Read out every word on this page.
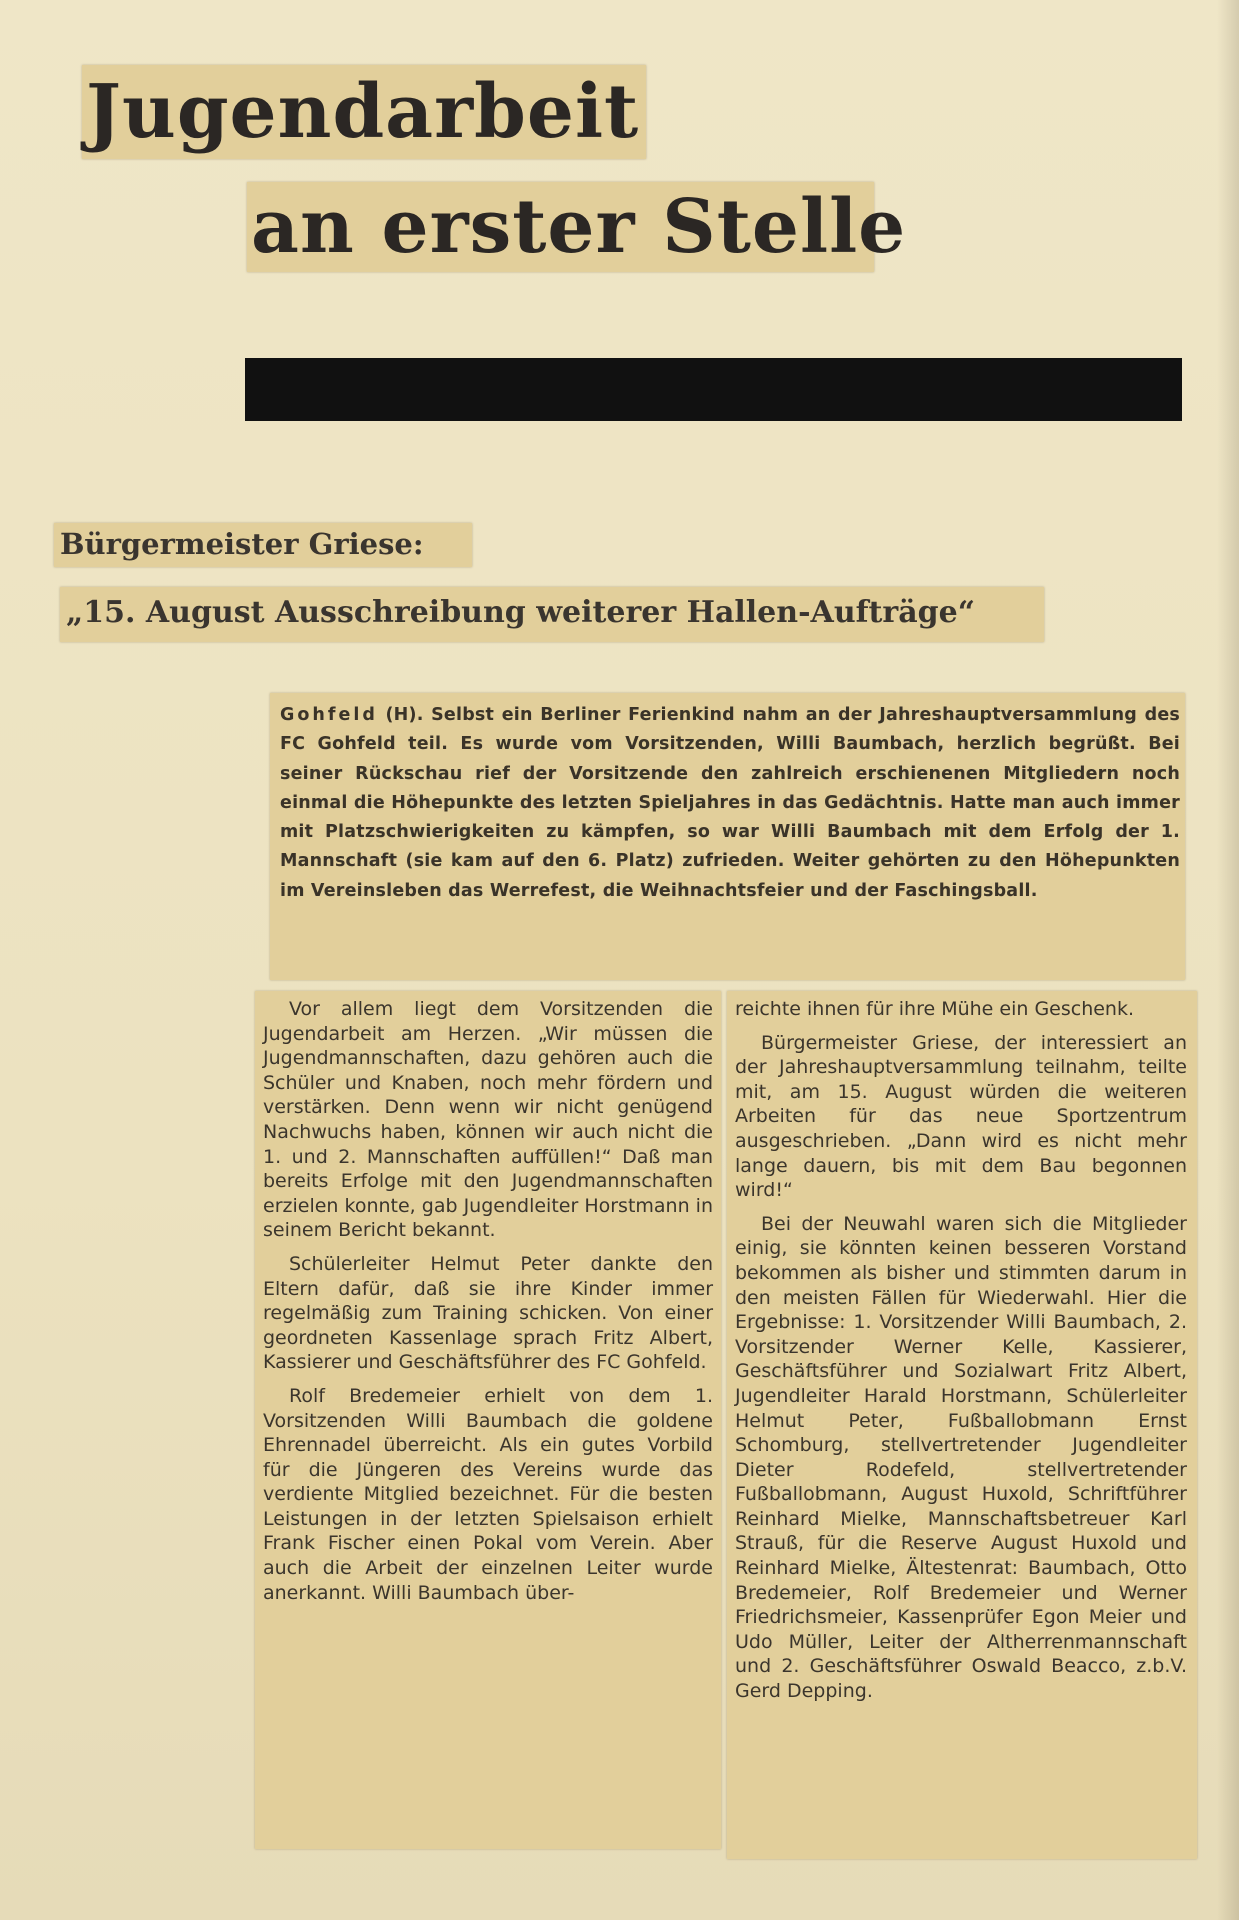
Jugendarbeit
an erster Stelle
Bürgermeister Griese:
„15. August Ausschreibung weiterer Hallen-Aufträge“
Gohfeld (H). Selbst ein Berliner Ferienkind nahm an der Jahreshauptversammlung des FC Gohfeld teil. Es wurde vom Vorsitzenden, Willi Baumbach, herzlich begrüßt. Bei seiner Rückschau rief der Vorsitzende den zahlreich erschienenen Mitgliedern noch einmal die Höhepunkte des letzten Spieljahres in das Gedächtnis. Hatte man auch immer mit Platzschwierigkeiten zu kämpfen, so war Willi Baumbach mit dem Erfolg der 1. Mannschaft (sie kam auf den 6. Platz) zufrieden. Weiter gehörten zu den Höhepunkten im Vereinsleben das Werrefest, die Weihnachtsfeier und der Faschingsball.

Vor allem liegt dem Vorsitzenden die Jugendarbeit am Herzen. „Wir müssen die Jugendmannschaften, dazu gehören auch die Schüler und Knaben, noch mehr fördern und verstärken. Denn wenn wir nicht genügend Nachwuchs haben, können wir auch nicht die 1. und 2. Mannschaften auffüllen!“ Daß man bereits Erfolge mit den Jugendmannschaften erzielen konnte, gab Jugendleiter Horstmann in seinem Bericht bekannt.

Schülerleiter Helmut Peter dankte den Eltern dafür, daß sie ihre Kinder immer regelmäßig zum Training schicken. Von einer geordneten Kassenlage sprach Fritz Albert, Kassierer und Geschäftsführer des FC Gohfeld.

Rolf Bredemeier erhielt von dem 1. Vorsitzenden Willi Baumbach die goldene Ehrennadel überreicht. Als ein gutes Vorbild für die Jüngeren des Vereins wurde das verdiente Mitglied bezeichnet. Für die besten Leistungen in der letzten Spielsaison erhielt Frank Fischer einen Pokal vom Verein. Aber auch die Arbeit der einzelnen Leiter wurde anerkannt. Willi Baumbach über-

reichte ihnen für ihre Mühe ein Geschenk.

Bürgermeister Griese, der interessiert an der Jahreshauptversammlung teilnahm, teilte mit, am 15. August würden die weiteren Arbeiten für das neue Sportzentrum ausgeschrieben. „Dann wird es nicht mehr lange dauern, bis mit dem Bau begonnen wird!“

Bei der Neuwahl waren sich die Mitglieder einig, sie könnten keinen besseren Vorstand bekommen als bisher und stimmten darum in den meisten Fällen für Wiederwahl. Hier die Ergebnisse: 1. Vorsitzender Willi Baumbach, 2. Vorsitzender Werner Kelle, Kassierer, Geschäftsführer und Sozialwart Fritz Albert, Jugendleiter Harald Horstmann, Schülerleiter Helmut Peter, Fußballobmann Ernst Schomburg, stellvertretender Jugendleiter Dieter Rodefeld, stellvertretender Fußballobmann, August Huxold, Schriftführer Reinhard Mielke, Mannschaftsbetreuer Karl Strauß, für die Reserve August Huxold und Reinhard Mielke, Ältestenrat: Baumbach, Otto Bredemeier, Rolf Bredemeier und Werner Friedrichsmeier, Kassenprüfer Egon Meier und Udo Müller, Leiter der Altherrenmannschaft und 2. Geschäftsführer Oswald Beacco, z.b.V. Gerd Depping.
